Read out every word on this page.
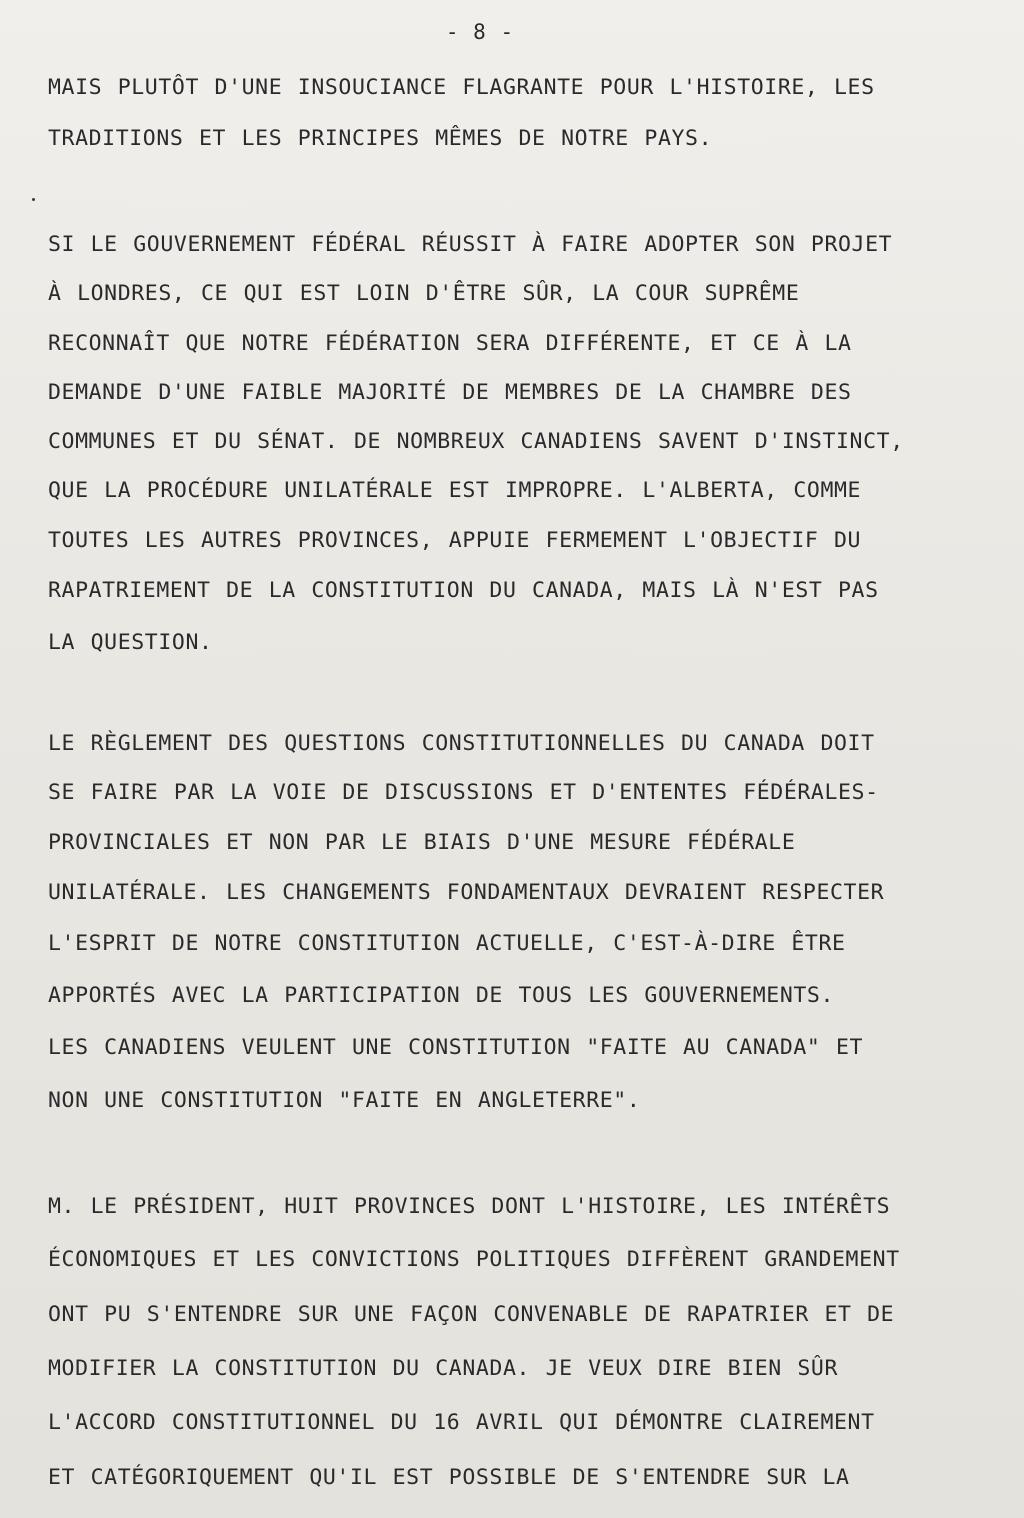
- 8 -
MAIS PLUTÔT D'UNE INSOUCIANCE FLAGRANTE POUR L'HISTOIRE, LES
TRADITIONS ET LES PRINCIPES MÊMES DE NOTRE PAYS.
SI LE GOUVERNEMENT FÉDÉRAL RÉUSSIT À FAIRE ADOPTER SON PROJET
À LONDRES, CE QUI EST LOIN D'ÊTRE SÛR, LA COUR SUPRÊME
RECONNAÎT QUE NOTRE FÉDÉRATION SERA DIFFÉRENTE, ET CE À LA
DEMANDE D'UNE FAIBLE MAJORITÉ DE MEMBRES DE LA CHAMBRE DES
COMMUNES ET DU SÉNAT. DE NOMBREUX CANADIENS SAVENT D'INSTINCT,
QUE LA PROCÉDURE UNILATÉRALE EST IMPROPRE. L'ALBERTA, COMME
TOUTES LES AUTRES PROVINCES, APPUIE FERMEMENT L'OBJECTIF DU
RAPATRIEMENT DE LA CONSTITUTION DU CANADA, MAIS LÀ N'EST PAS
LA QUESTION.
LE RÈGLEMENT DES QUESTIONS CONSTITUTIONNELLES DU CANADA DOIT
SE FAIRE PAR LA VOIE DE DISCUSSIONS ET D'ENTENTES FÉDÉRALES-
PROVINCIALES ET NON PAR LE BIAIS D'UNE MESURE FÉDÉRALE
UNILATÉRALE. LES CHANGEMENTS FONDAMENTAUX DEVRAIENT RESPECTER
L'ESPRIT DE NOTRE CONSTITUTION ACTUELLE, C'EST-À-DIRE ÊTRE
APPORTÉS AVEC LA PARTICIPATION DE TOUS LES GOUVERNEMENTS.
LES CANADIENS VEULENT UNE CONSTITUTION "FAITE AU CANADA" ET
NON UNE CONSTITUTION "FAITE EN ANGLETERRE".
M. LE PRÉSIDENT, HUIT PROVINCES DONT L'HISTOIRE, LES INTÉRÊTS
ÉCONOMIQUES ET LES CONVICTIONS POLITIQUES DIFFÈRENT GRANDEMENT
ONT PU S'ENTENDRE SUR UNE FAÇON CONVENABLE DE RAPATRIER ET DE
MODIFIER LA CONSTITUTION DU CANADA. JE VEUX DIRE BIEN SÛR
L'ACCORD CONSTITUTIONNEL DU 16 AVRIL QUI DÉMONTRE CLAIREMENT
ET CATÉGORIQUEMENT QU'IL EST POSSIBLE DE S'ENTENDRE SUR LA
